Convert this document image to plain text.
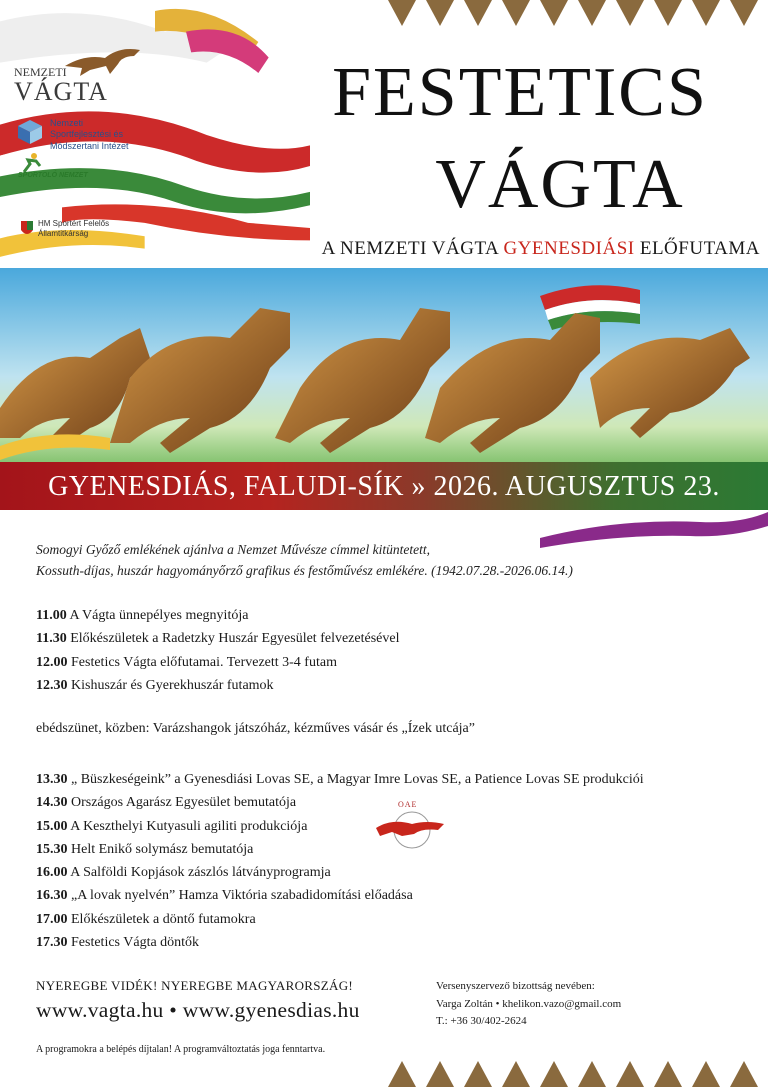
NEMZETI
VÁGTA
Nemzeti
Sportfejlesztési és
Módszertani Intézet
SPORTOLÓ NEMZET
HM Sportért Felelős
Államtitkárság
FESTETICS
VÁGTA
A NEMZETI VÁGTA GYENESDIÁSI ELŐFUTAMA
GYENESDIÁS, FALUDI-SÍK » 2026. AUGUSZTUS 23.
Somogyi Győző emlékének ajánlva a Nemzet Művésze címmel kitüntetett,
Kossuth-díjas, huszár hagyományőrző grafikus és festőművész emlékére. (1942.07.28.-2026.06.14.)
11.00 A Vágta ünnepélyes megnyitója
11.30 Előkészületek a Radetzky Huszár Egyesület felvezetésével
12.00 Festetics Vágta előfutamai. Tervezett 3-4 futam
12.30 Kishuszár és Gyerekhuszár futamok
ebédszünet, közben: Varázshangok játszóház, kézműves vásár és „Ízek utcája”
13.30 „ Büszkeségeink” a Gyenesdiási Lovas SE, a Magyar Imre Lovas SE, a Patience Lovas SE produkciói
14.30 Országos Agarász Egyesület bemutatója
15.00 A Keszthelyi Kutyasuli agiliti produkciója
15.30 Helt Enikő solymász bemutatója
16.00 A Salföldi Kopjások zászlós látványprogramja
16.30 „A lovak nyelvén” Hamza Viktória szabadidomítási előadása
17.00 Előkészületek a döntő futamokra
17.30 Festetics Vágta döntők
OAE
NYEREGBE VIDÉK! NYEREGBE MAGYARORSZÁG!
www.vagta.hu • www.gyenesdias.hu
A programokra a belépés díjtalan! A programváltoztatás joga fenntartva.
Versenyszervező bizottság nevében:
Varga Zoltán • khelikon.vazo@gmail.com
T.: +36 30/402-2624
